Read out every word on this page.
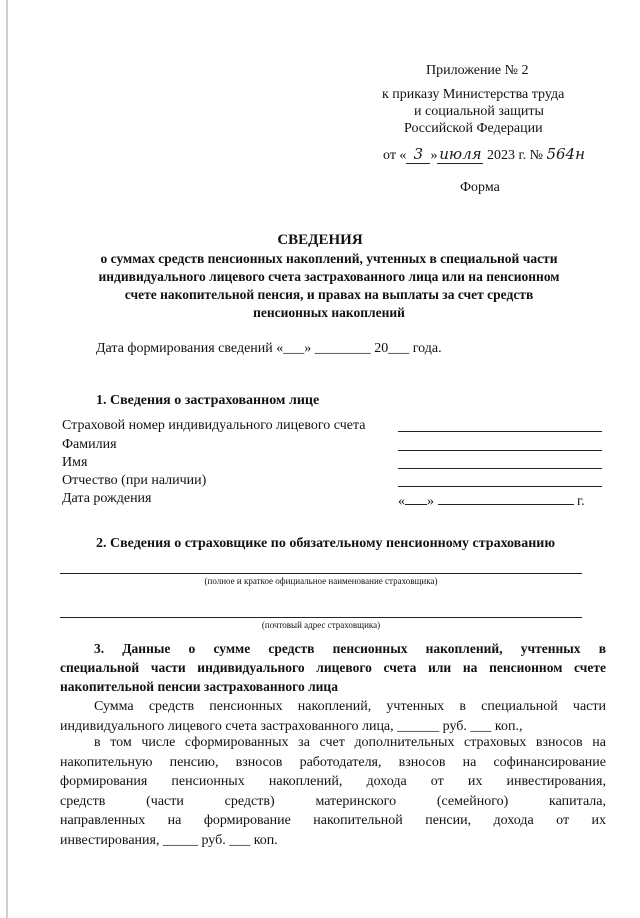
Приложение № 2
к приказу Министерства труда
и социальной защиты
Российской Федерации
от « 3 » июля 2023 г. № 564н
Форма
СВЕДЕНИЯ
о суммах средств пенсионных накоплений, учтенных в специальной части
индивидуального лицевого счета застрахованного лица или на пенсионном
счете накопительной пенсия, и правах на выплаты за счет средств
пенсионных накоплений
Дата формирования сведений «___» ________ 20___ года.
1. Сведения о застрахованном лице
Страховой номер индивидуального лицевого счета
Фамилия
Имя
Отчество (при наличии)
Дата рождения	« »	г.
2. Сведения о страховщике по обязательному пенсионному страхованию
(полное и краткое официальное наименование страховщика)
(почтовый адрес страховщика)
3. Данные о сумме средств пенсионных накоплений, учтенных в
специальной части индивидуального лицевого счета или на пенсионном счете
накопительной пенсии застрахованного лица
Сумма средств пенсионных накоплений, учтенных в специальной части
индивидуального лицевого счета застрахованного лица, ______ руб. ___ коп.,
в том числе сформированных за счет дополнительных страховых взносов на
накопительную пенсию, взносов работодателя, взносов на софинансирование
формирования пенсионных накоплений, дохода от их инвестирования,
средств (части средств) материнского (семейного) капитала,
направленных на формирование накопительной пенсии, дохода от их
инвестирования, _____ руб. ___ коп.
